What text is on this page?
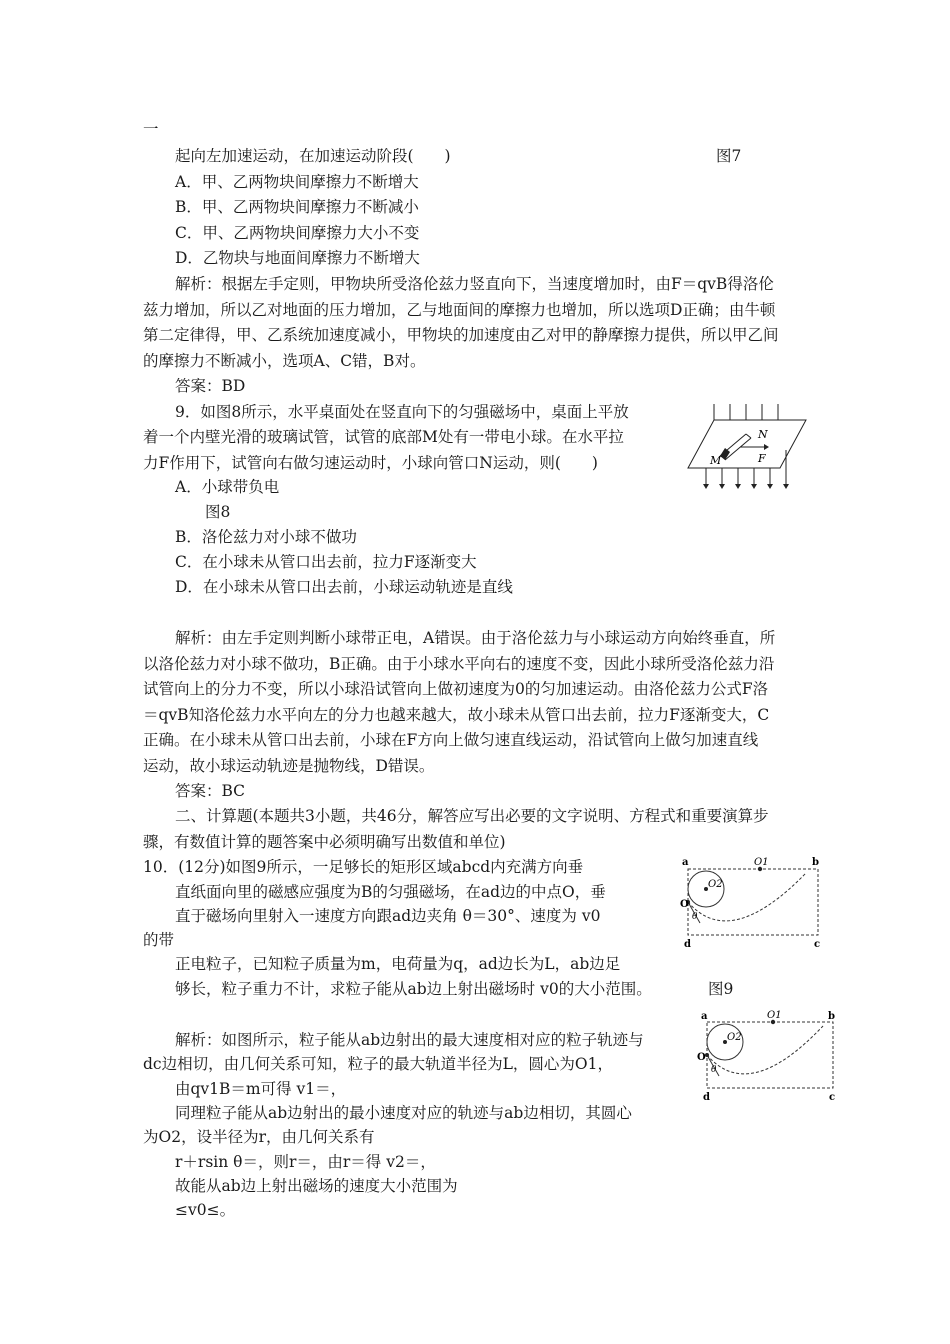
一
起向左加速运动，在加速运动阶段(　　)	图7
A．甲、乙两物块间摩擦力不断增大
B．甲、乙两物块间摩擦力不断减小
C．甲、乙两物块间摩擦力大小不变
D．乙物块与地面间摩擦力不断增大
解析：根据左手定则，甲物块所受洛伦兹力竖直向下，当速度增加时，由F＝qvB得洛伦
兹力增加，所以乙对地面的压力增加，乙与地面间的摩擦力也增加，所以选项D正确；由牛顿
第二定律得，甲、乙系统加速度减小，甲物块的加速度由乙对甲的静摩擦力提供，所以甲乙间
的摩擦力不断减小，选项A、C错，B对。
答案：BD
9．如图8所示，水平桌面处在竖直向下的匀强磁场中，桌面上平放
着一个内壁光滑的玻璃试管，试管的底部M处有一带电小球。在水平拉
力F作用下，试管向右做匀速运动时，小球向管口N运动，则(　　)
A．小球带负电
图8
B．洛伦兹力对小球不做功
C．在小球未从管口出去前，拉力F逐渐变大
D．在小球未从管口出去前，小球运动轨迹是直线
M
N
F
解析：由左手定则判断小球带正电，A错误。由于洛伦兹力与小球运动方向始终垂直，所
以洛伦兹力对小球不做功，B正确。由于小球水平向右的速度不变，因此小球所受洛伦兹力沿
试管向上的分力不变，所以小球沿试管向上做初速度为0的匀加速运动。由洛伦兹力公式F洛
＝qvB知洛伦兹力水平向左的分力也越来越大，故小球未从管口出去前，拉力F逐渐变大，C
正确。在小球未从管口出去前，小球在F方向上做匀速直线运动，沿试管向上做匀加速直线
运动，故小球运动轨迹是抛物线，D错误。
答案：BC
二、计算题(本题共3小题，共46分，解答应写出必要的文字说明、方程式和重要演算步
骤，有数值计算的题答案中必须明确写出数值和单位)
10．(12分)如图9所示，一足够长的矩形区域abcd内充满方向垂
直纸面向里的磁感应强度为B的匀强磁场，在ad边的中点O，垂
直于磁场向里射入一速度方向跟ad边夹角 θ＝30°、速度为 v0
的带
正电粒子，已知粒子质量为m，电荷量为q，ad边长为L，ab边足
够长，粒子重力不计，求粒子能从ab边上射出磁场时 v0的大小范围。	图9
a	b
c
d
O
O1
O2
θ
解析：如图所示，粒子能从ab边射出的最大速度相对应的粒子轨迹与
dc边相切，由几何关系可知，粒子的最大轨道半径为L，圆心为O1，
由qv1B＝m可得 v1＝，
同理粒子能从ab边射出的最小速度对应的轨迹与ab边相切，其圆心
为O2，设半径为r，由几何关系有
r＋rsin θ＝，则r＝，由r＝得 v2＝，
故能从ab边上射出磁场的速度大小范围为
≤v0≤。
a	b
c
d
O
O1
O2
θ
